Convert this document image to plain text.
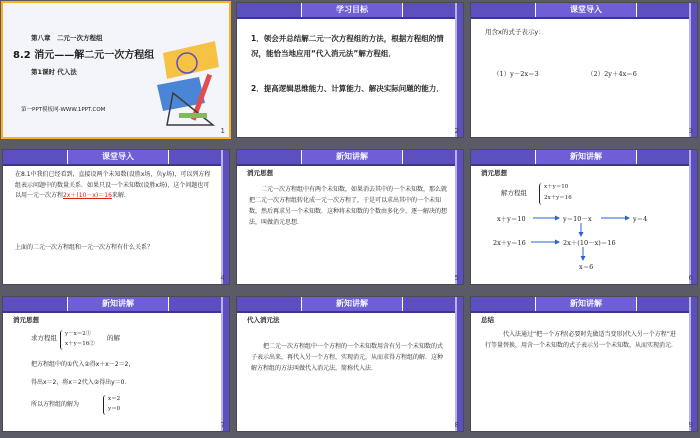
第八章　二元一次方程组
8.2 消元——解二元一次方程组
第1课时 代入法
第一PPT模板网-WWW.1PPT.COM
1
学习目标
1．领会并总结解二元一次方程组的方法，根据方程组的情况，能恰当地应用“代入消元法”解方程组．
2．提高逻辑思维能力、计算能力、解决实际问题的能力．
2
课堂导入
用含x的式子表示y：
（1）y－2x＝3	（2）2y＋4x＝6
3
课堂导入
在8.1中我们已经看到，直接设两个未知数(设胜x场，负y场)，可以列方程组表示问题中的数量关系．如果只设一个未知数(设胜x场)，这个问题也可以用一元一次方程2x＋(10－x)＝16来解．
上面的二元一次方程组和一元一次方程有什么关系？
4
新知讲解
消元思想
二元一次方程组中有两个未知数，如果消去其中的一个未知数，那么就把二元一次方程组转化成一元一次方程了，于是可以求出其中的一个未知数，然后再求另一个未知数．这种将未知数的个数由多化少、逐一解决的想法，叫做消元思想．
5
新知讲解
消元思想
解方程组
x＋y＝10
2x＋y＝16
x＋y＝10	y＝10－x	y＝4
2x＋y＝16	2x＋(10－x)＝16
x＝6
6
新知讲解
消元思想
求方程组 y－x＝2①
x＋y＝16②
的解
把方程组中的①代入②得x＋x－2＝2，
得出x＝2，将x＝2代入②得出y＝0．
所以方程组的解为
x＝2
y＝0
7
新知讲解
代入消元法
把二元一次方程组中一个方程的一个未知数用含有另一个未知数的式子表示出来，再代入另一个方程，实现消元，从而求得方程组的解．这种解方程组的方法叫做代入消元法，简称代入法．
8
新知讲解
总结
代入法通过“把一个方程(必要时先做适当变形)代入另一个方程”进行等量替换，用含一个未知数的式子表示另一个未知数，从而实现消元．
9
